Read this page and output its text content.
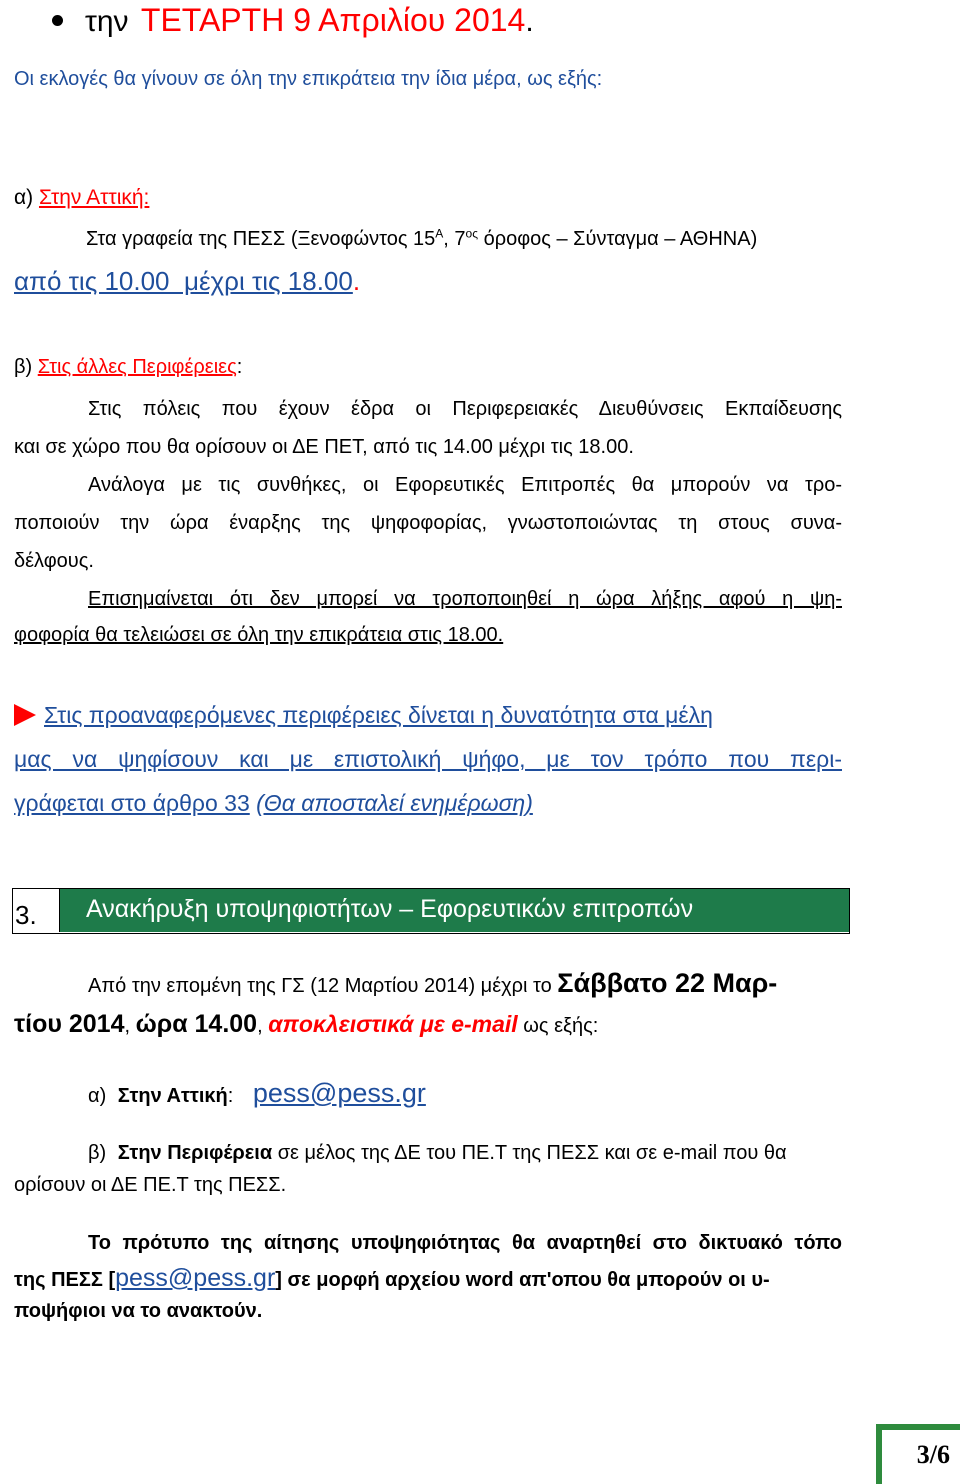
την ΤΕΤΑΡΤΗ 9 Απριλίου 2014.
Οι εκλογές θα γίνουν σε όλη την επικράτεια την ίδια μέρα, ως εξής:
α) Στην Αττική:
Στα γραφεία της ΠΕΣΣ (Ξενοφώντος $15^A$, $7^{o\varsigma}$ όροφος – Σύνταγμα – ΑΘΗΝΑ)
από τις 10.00  μέχρι τις 18.00.
β) Στις άλλες Περιφέρειες:
Στις πόλεις που έχουν έδρα οι Περιφερειακές Διευθύνσεις Εκπαίδευσης
και σε χώρο που θα ορίσουν οι ΔΕ ΠΕΤ, από τις 14.00 μέχρι τις 18.00.
Ανάλογα με τις συνθήκες, οι Εφορευτικές Επιτροπές θα μπορούν να τρο-
ποποιούν την ώρα έναρξης της ψηφοφορίας, γνωστοποιώντας τη στους συνα-
δέλφους.
Επισημαίνεται ότι δεν μπορεί να τροποποιηθεί η ώρα λήξης αφού η ψη-
φοφορία θα τελειώσει σε όλη την επικράτεια στις 18.00.
Στις προαναφερόμενες περιφέρειες δίνεται η δυνατότητα στα μέλη
μας να ψηφίσουν και με επιστολική ψήφο, με τον τρόπο που περι-
γράφεται στο άρθρο 33 (Θα αποσταλεί ενημέρωση)
3.	Ανακήρυξη υποψηφιοτήτων – Εφορευτικών επιτροπών
Από την επομένη της ΓΣ (12 Μαρτίου 2014) μέχρι το Σάββατο 22 Μαρ-
τίου 2014, ώρα 14.00, αποκλειστικά με e-mail ως εξής:
α) Στην Αττική: pess@pess.gr
β) Στην Περιφέρεια σε μέλος της ΔΕ του ΠΕ.Τ της ΠΕΣΣ και σε e-mail που θα
ορίσουν οι ΔΕ ΠΕ.Τ της ΠΕΣΣ.
Το πρότυπο της αίτησης υποψηφιότητας θα αναρτηθεί στο δικτυακό τόπο
της ΠΕΣΣ [pess@pess.gr] σε μορφή αρχείου word απ'οπου θα μπορούν οι υ-
ποψήφιοι να το ανακτούν.
3/6
